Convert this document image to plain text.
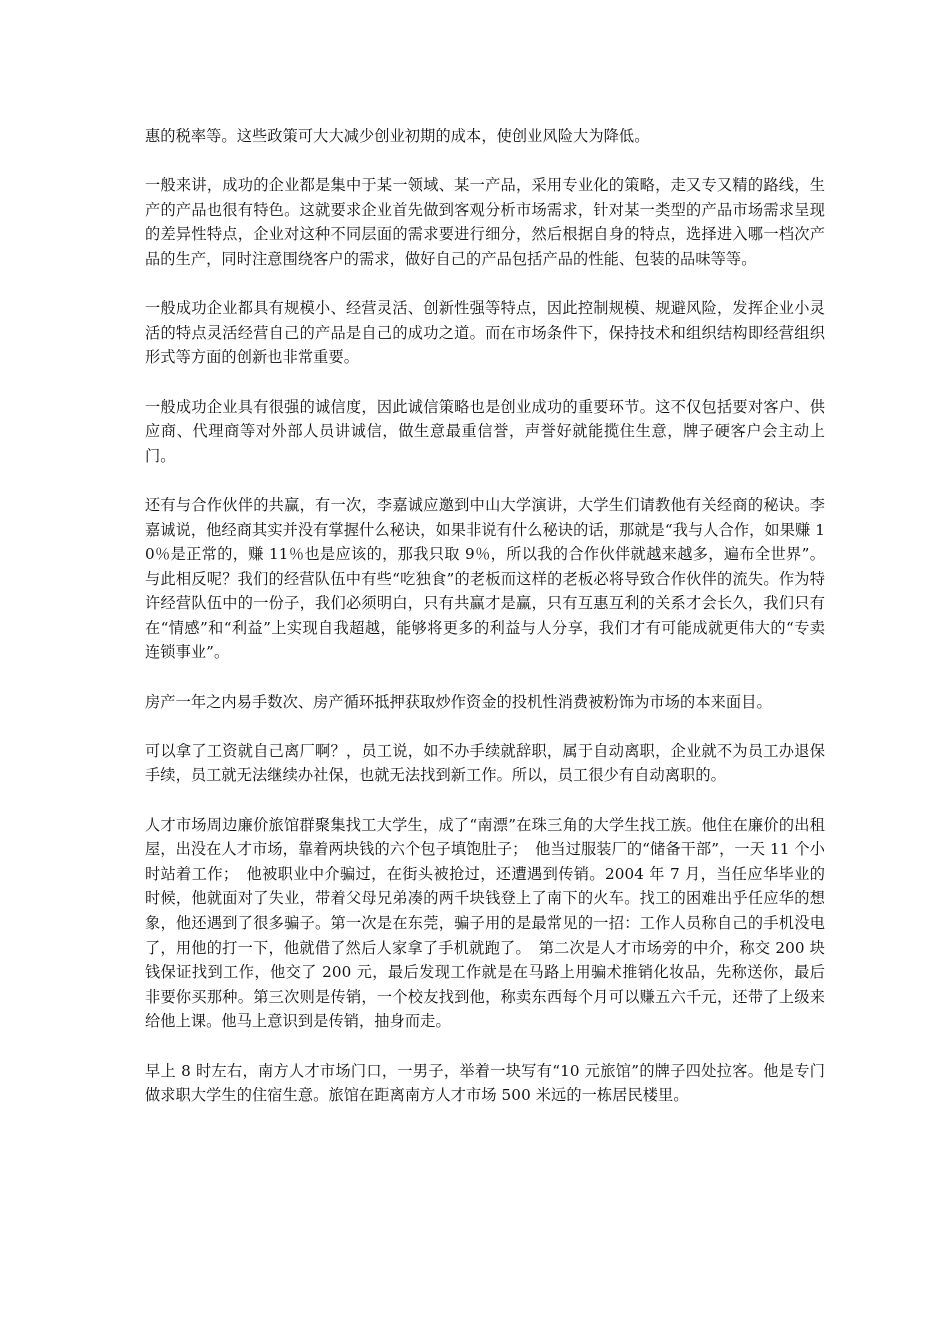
惠的税率等。这些政策可大大减少创业初期的成本，使创业风险大为降低。

一般来讲，成功的企业都是集中于某一领域、某一产品，采用专业化的策略，走又专又精的路线，生产的产品也很有特色。这就要求企业首先做到客观分析市场需求，针对某一类型的产品市场需求呈现的差异性特点，企业对这种不同层面的需求要进行细分，然后根据自身的特点，选择进入哪一档次产品的生产，同时注意围绕客户的需求，做好自己的产品包括产品的性能、包装的品味等等。

一般成功企业都具有规模小、经营灵活、创新性强等特点，因此控制规模、规避风险，发挥企业小灵活的特点灵活经营自己的产品是自己的成功之道。而在市场条件下，保持技术和组织结构即经营组织形式等方面的创新也非常重要。

一般成功企业具有很强的诚信度，因此诚信策略也是创业成功的重要环节。这不仅包括要对客户、供应商、代理商等对外部人员讲诚信，做生意最重信誉，声誉好就能揽住生意，牌子硬客户会主动上门。

还有与合作伙伴的共赢，有一次，李嘉诚应邀到中山大学演讲，大学生们请教他有关经商的秘诀。李嘉诚说，他经商其实并没有掌握什么秘诀，如果非说有什么秘诀的话，那就是“我与人合作，如果赚 10％是正常的，赚 11％也是应该的，那我只取 9％，所以我的合作伙伴就越来越多，遍布全世界”。与此相反呢？我们的经营队伍中有些“吃独食”的老板而这样的老板必将导致合作伙伴的流失。作为特许经营队伍中的一份子，我们必须明白，只有共赢才是赢，只有互惠互利的关系才会长久，我们只有在“情感”和“利益”上实现自我超越，能够将更多的利益与人分享，我们才有可能成就更伟大的“专卖连锁事业”。

房产一年之内易手数次、房产循环抵押获取炒作资金的投机性消费被粉饰为市场的本来面目。

可以拿了工资就自己离厂啊？，员工说，如不办手续就辞职，属于自动离职，企业就不为员工办退保手续，员工就无法继续办社保，也就无法找到新工作。所以，员工很少有自动离职的。

人才市场周边廉价旅馆群聚集找工大学生，成了“南漂”在珠三角的大学生找工族。他住在廉价的出租屋，出没在人才市场，靠着两块钱的六个包子填饱肚子；　他当过服装厂的“储备干部”，一天 11 个小时站着工作；　他被职业中介骗过，在街头被抢过，还遭遇到传销。2004 年 7 月，当任应华毕业的时候，他就面对了失业，带着父母兄弟凑的两千块钱登上了南下的火车。找工的困难出乎任应华的想象，他还遇到了很多骗子。第一次是在东莞，骗子用的是最常见的一招：工作人员称自己的手机没电了，用他的打一下，他就借了然后人家拿了手机就跑了。　第二次是人才市场旁的中介，称交 200 块钱保证找到工作，他交了 200 元，最后发现工作就是在马路上用骗术推销化妆品，先称送你，最后非要你买那种。第三次则是传销，一个校友找到他，称卖东西每个月可以赚五六千元，还带了上级来给他上课。他马上意识到是传销，抽身而走。

早上 8 时左右，南方人才市场门口，一男子，举着一块写有“10 元旅馆”的牌子四处拉客。他是专门做求职大学生的住宿生意。旅馆在距离南方人才市场 500 米远的一栋居民楼里。
